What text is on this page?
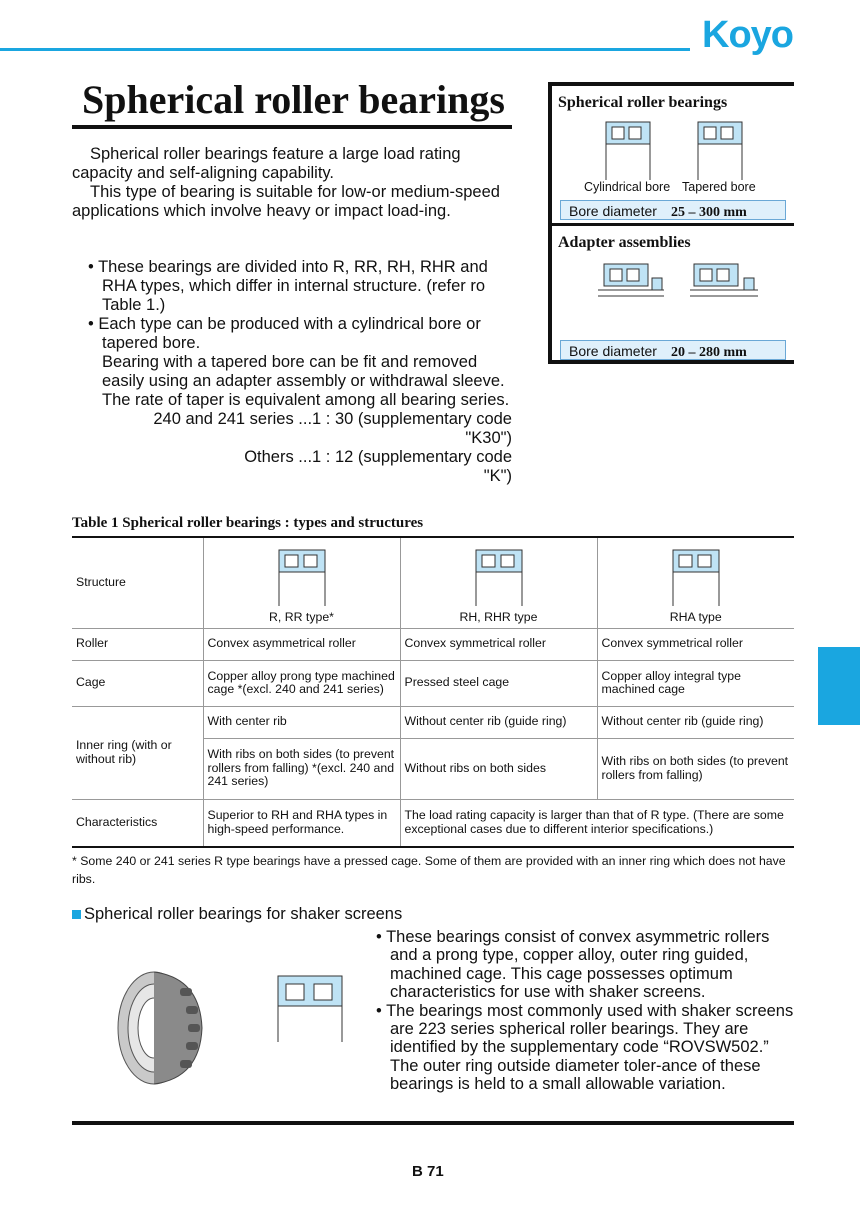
Koyo
Spherical roller bearings

Spherical roller bearings feature a large load rating capacity and self-aligning capability.

This type of bearing is suitable for low-or medium-speed applications which involve heavy or impact load-ing.

• These bearings are divided into R, RR, RH, RHR and RHA types, which differ in internal structure. (refer ro Table 1.)

• Each type can be produced with a cylindrical bore or tapered bore.

Bearing with a tapered bore can be fit and removed easily using an adapter assembly or withdrawal sleeve. The rate of taper is equivalent among all bearing series.

240 and 241 series ...1 : 30 (supplementary code "K30")

Others ...1 : 12 (supplementary code "K")

Spherical roller bearings
Cylindrical bore Tapered bore
Bore diameter 25 – 300 mm
Adapter assemblies
Bore diameter 20 – 280 mm
Table 1 Spherical roller bearings : types and structures
Structure	R, RR type*	RH, RHR type	RHA type
Roller	Convex asymmetrical roller	Convex symmetrical roller	Convex symmetrical roller
Cage	Copper alloy prong type machined cage *(excl. 240 and 241 series)	Pressed steel cage	Copper alloy integral type machined cage
Inner ring (with or without rib)	With center rib	Without center rib (guide ring)	Without center rib (guide ring)
	With ribs on both sides (to prevent rollers from falling) *(excl. 240 and 241 series)	Without ribs on both sides	With ribs on both sides (to prevent rollers from falling)
Characteristics	Superior to RH and RHA types in high-speed performance.	The load rating capacity is larger than that of R type. (There are some exceptional cases due to different interior specifications.)	
* Some 240 or 241 series R type bearings have a pressed cage. Some of them are provided with an inner ring which does not have ribs.
Spherical roller bearings for shaker screens

• These bearings consist of convex asymmetric rollers and a prong type, copper alloy, outer ring guided, machined cage. This cage possesses optimum characteristics for use with shaker screens.

• The bearings most commonly used with shaker screens are 223 series spherical roller bearings. They are identified by the supplementary code “ROVSW502.” The outer ring outside diameter toler-ance of these bearings is held to a small allowable variation.

B 71
